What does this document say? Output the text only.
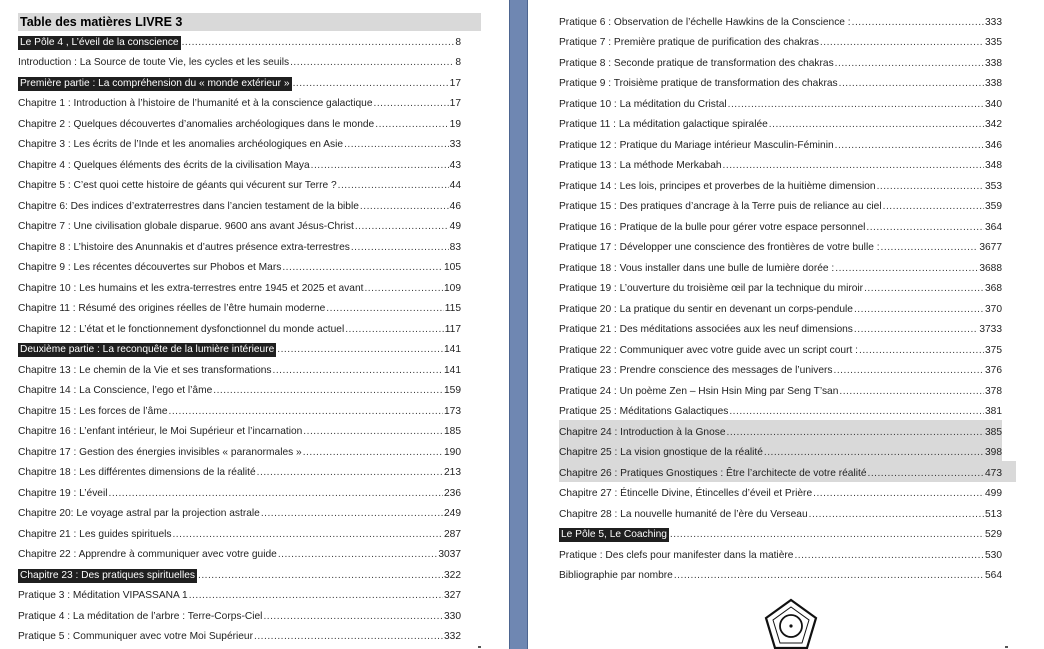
Table des matières LIVRE 3
Le Pôle 4 , L’éveil de la conscience .....	8
Introduction : La Source de toute Vie, les cycles et les seuils .....	8
Première partie : La compréhension du « monde extérieur » .....	17
Chapitre 1 : Introduction à l’histoire de l’humanité et à la conscience galactique .....	17
Chapitre 2 : Quelques découvertes d’anomalies archéologiques dans le monde .....	19
Chapitre 3 : Les écrits de l’Inde et les anomalies archéologiques en Asie .....	33
Chapitre 4 : Quelques éléments des écrits de la civilisation Maya .....	43
Chapitre 5 : C’est quoi cette histoire de géants qui vécurent sur Terre ? .....	44
Chapitre 6: Des indices d’extraterrestres dans l’ancien testament de la bible .....	46
Chapitre 7 : Une civilisation globale disparue. 9600 ans avant Jésus-Christ .....	49
Chapitre 8 : L’histoire des Anunnakis et d’autres présence extra-terrestres .....	83
Chapitre 9 : Les récentes découvertes sur Phobos et Mars .....	105
Chapitre 10 : Les humains et les extra-terrestres entre 1945 et 2025 et avant .....	109
Chapitre 11 : Résumé des origines réelles de l’être humain moderne .....	115
Chapitre 12 : L’état et le fonctionnement dysfonctionnel du monde actuel .....	117
Deuxième partie : La reconquête de la lumière intérieure .....	141
Chapitre 13 : Le chemin de la Vie et ses transformations .....	141
Chapitre 14 : La Conscience, l’ego et l’âme .....	159
Chapitre 15 : Les forces de l’âme .....	173
Chapitre 16 : L’enfant intérieur, le Moi Supérieur et l’incarnation .....	185
Chapitre 17 : Gestion des énergies invisibles « paranormales » .....	190
Chapitre 18 : Les différentes dimensions de la réalité .....	213
Chapitre 19 : L’éveil .....	236
Chapitre 20: Le voyage astral par la projection astrale .....	249
Chapitre 21 : Les guides spirituels .....	287
Chapitre 22 : Apprendre à communiquer avec votre guide .....	3037
Chapitre 23 : Des pratiques spirituelles .....	322
Pratique 3 : Méditation VIPASSANA 1 .....	327
Pratique 4 : La méditation de l’arbre : Terre-Corps-Ciel .....	330
Pratique 5 : Communiquer avec votre Moi Supérieur .....	332
Pratique 6 : Observation de l’échelle Hawkins de la Conscience : .....	333
Pratique 7 : Première pratique de purification des chakras .....	335
Pratique 8 : Seconde pratique de transformation des chakras .....	338
Pratique 9 : Troisième pratique de transformation des chakras .....	338
Pratique 10 : La méditation du Cristal .....	340
Pratique 11 : La méditation galactique spiralée .....	342
Pratique 12 : Pratique du Mariage intérieur Masculin-Féminin .....	346
Pratique 13 : La méthode Merkabah .....	348
Pratique 14 : Les lois, principes et proverbes de la huitième dimension .....	353
Pratique 15 : Des pratiques d’ancrage à la Terre puis de reliance au ciel .....	359
Pratique 16 : Pratique de la bulle pour gérer votre espace personnel .....	364
Pratique 17 : Développer une conscience des frontières de votre bulle : .....	3677
Pratique 18 : Vous installer dans une bulle de lumière dorée : .....	3688
Pratique 19 : L’ouverture du troisième œil par la technique du miroir .....	368
Pratique 20 : La pratique du sentir en devenant un corps-pendule .....	370
Pratique 21 : Des méditations associées aux les neuf dimensions .....	3733
Pratique 22 : Communiquer avec votre guide avec un script court : .....	375
Pratique 23 : Prendre conscience des messages de l’univers .....	376
Pratique 24 : Un poème Zen – Hsin Hsin Ming par Seng T’san .....	378
Pratique 25 : Méditations Galactiques .....	381
Chapitre 24 : Introduction à la Gnose .....	385
Chapitre 25 : La vision gnostique de la réalité .....	398
Chapitre 26 : Pratiques Gnostiques : Être l’architecte de votre réalité .....	473
Chapitre 27 : Étincelle Divine, Étincelles d’éveil et Prière .....	499
Chapitre 28 : La nouvelle humanité de l’ère du Verseau .....	513
Le Pôle 5, Le Coaching .....	529
Pratique : Des clefs pour manifester dans la matière .....	530
Bibliographie par nombre .....	564
